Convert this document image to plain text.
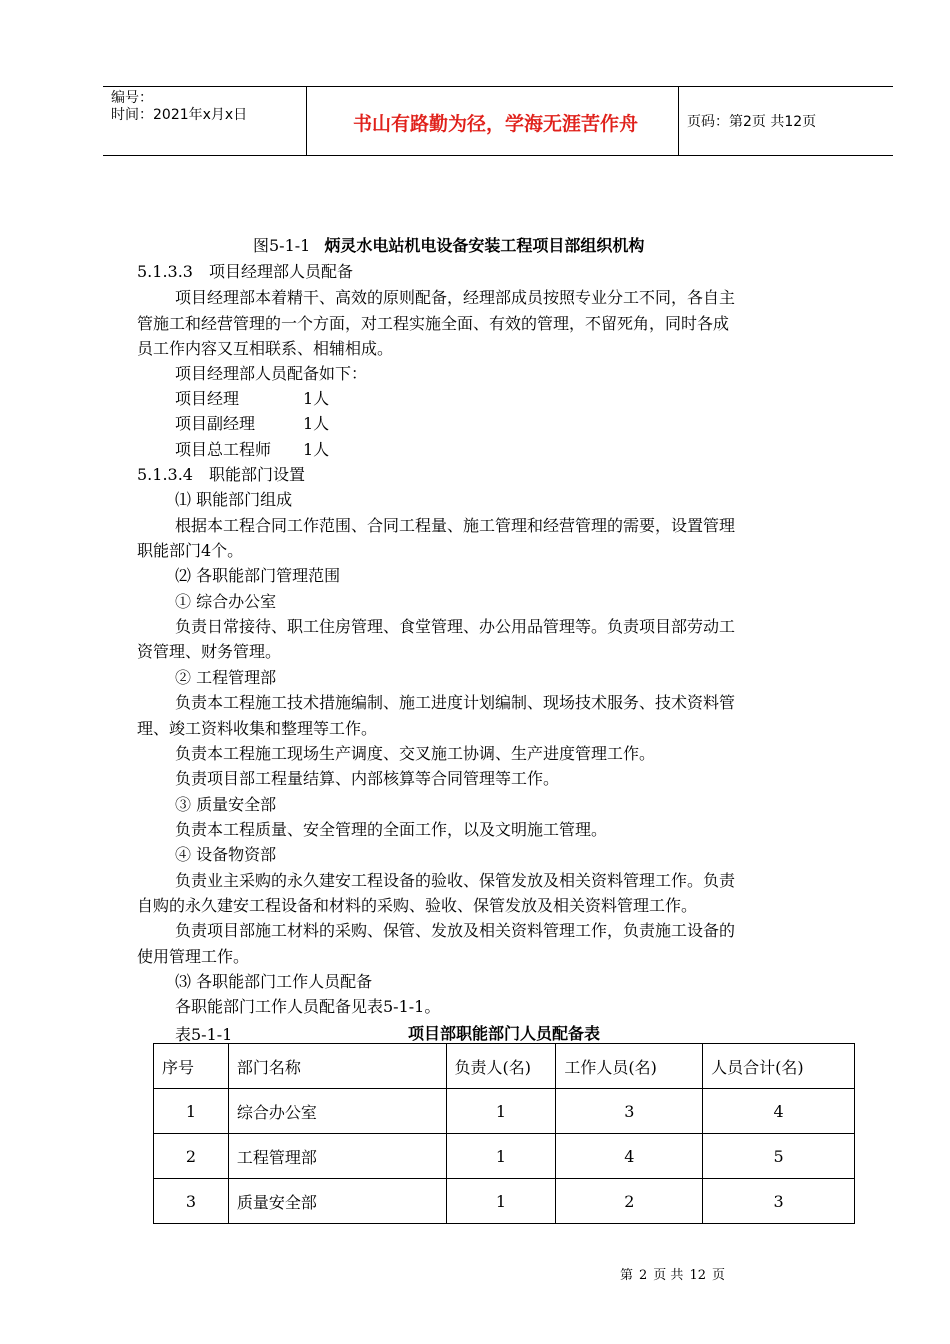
编号：
时间：2021年x月x日	书山有路勤为径，学海无涯苦作舟	页码：第2页 共12页
图5-1-1 炳灵水电站机电设备安装工程项目部组织机构
5.1.3.3　项目经理部人员配备
项目经理部本着精干、高效的原则配备，经理部成员按照专业分工不同，各自主
管施工和经营管理的一个方面，对工程实施全面、有效的管理，不留死角，同时各成
员工作内容又互相联系、相辅相成。
项目经理部人员配备如下：
项目经理　　　　1人
项目副经理　　　1人
项目总工程师　　1人
5.1.3.4　职能部门设置
⑴ 职能部门组成
根据本工程合同工作范围、合同工程量、施工管理和经营管理的需要，设置管理
职能部门4个。
⑵ 各职能部门管理范围
① 综合办公室
负责日常接待、职工住房管理、食堂管理、办公用品管理等。负责项目部劳动工
资管理、财务管理。
② 工程管理部
负责本工程施工技术措施编制、施工进度计划编制、现场技术服务、技术资料管
理、竣工资料收集和整理等工作。
负责本工程施工现场生产调度、交叉施工协调、生产进度管理工作。
负责项目部工程量结算、内部核算等合同管理等工作。
③ 质量安全部
负责本工程质量、安全管理的全面工作，以及文明施工管理。
④ 设备物资部
负责业主采购的永久建安工程设备的验收、保管发放及相关资料管理工作。负责
自购的永久建安工程设备和材料的采购、验收、保管发放及相关资料管理工作。
负责项目部施工材料的采购、保管、发放及相关资料管理工作，负责施工设备的
使用管理工作。
⑶ 各职能部门工作人员配备
各职能部门工作人员配备见表5-1-1。
表5-1-1	项目部职能部门人员配备表
序号	部门名称	负责人(名)	工作人员(名)	人员合计(名)
1	综合办公室	1	3	4
2	工程管理部	1	4	5
3	质量安全部	1	2	3
第 2 页 共 12 页
